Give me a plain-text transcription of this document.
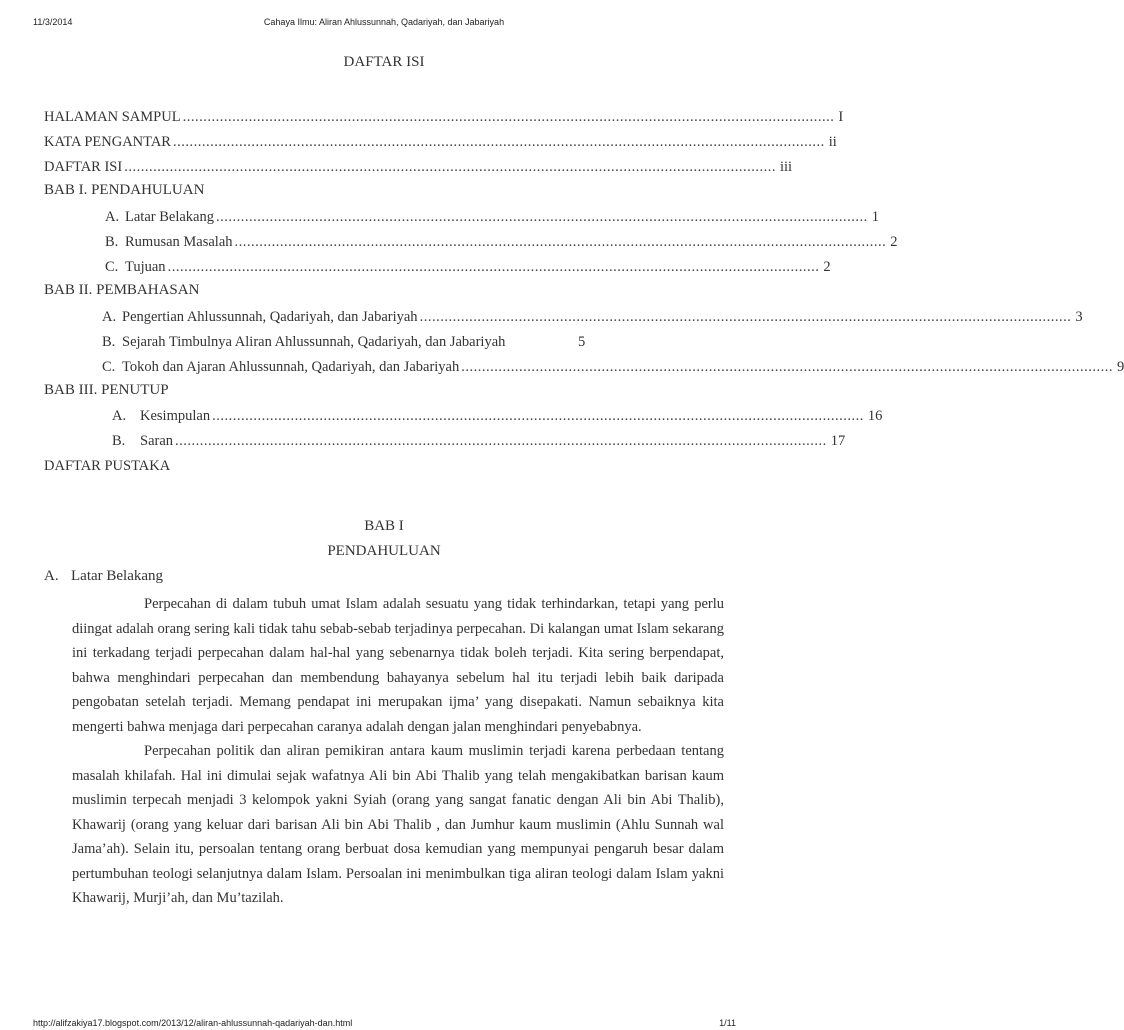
11/3/2014	Cahaya Ilmu: Aliran Ahlussunnah, Qadariyah, dan Jabariyah
DAFTAR ISI
HALAMAN SAMPUL .............................................................................................................................................................. I
KATA PENGANTAR .............................................................................................................................................................. ii
DAFTAR ISI .............................................................................................................................................................. iii
BAB I. PENDAHULUAN
A. Latar Belakang .............................................................................................................................................................. 1
B. Rumusan Masalah .............................................................................................................................................................. 2
C. Tujuan .............................................................................................................................................................. 2
BAB II. PEMBAHASAN
A. Pengertian Ahlussunnah, Qadariyah, dan Jabariyah .............................................................................................................................................................. 3
B. Sejarah Timbulnya Aliran Ahlussunnah, Qadariyah, dan Jabariyah	5
C. Tokoh dan Ajaran Ahlussunnah, Qadariyah, dan Jabariyah .............................................................................................................................................................. 9
BAB III. PENUTUP
A. Kesimpulan .............................................................................................................................................................. 16
B. Saran .............................................................................................................................................................. 17
DAFTAR PUSTAKA
BAB I
PENDAHULUAN
A. Latar Belakang

Perpecahan di dalam tubuh umat Islam adalah sesuatu yang tidak terhindarkan, tetapi yang perlu diingat adalah orang sering kali tidak tahu sebab-sebab terjadinya perpecahan. Di kalangan umat Islam sekarang ini terkadang terjadi perpecahan dalam hal-hal yang sebenarnya tidak boleh terjadi. Kita sering berpendapat, bahwa menghindari perpecahan dan membendung bahayanya sebelum hal itu terjadi lebih baik daripada pengobatan setelah terjadi. Memang pendapat ini merupakan ijma’ yang disepakati. Namun sebaiknya kita mengerti bahwa menjaga dari perpecahan caranya adalah dengan jalan menghindari penyebabnya.

Perpecahan politik dan aliran pemikiran antara kaum muslimin terjadi karena perbedaan tentang masalah khilafah. Hal ini dimulai sejak wafatnya Ali bin Abi Thalib yang telah mengakibatkan barisan kaum muslimin terpecah menjadi 3 kelompok yakni Syiah (orang yang sangat fanatic dengan Ali bin Abi Thalib), Khawarij (orang yang keluar dari barisan Ali bin Abi Thalib , dan Jumhur kaum muslimin (Ahlu Sunnah wal Jama’ah). Selain itu, persoalan tentang orang berbuat dosa kemudian yang mempunyai pengaruh besar dalam pertumbuhan teologi selanjutnya dalam Islam. Persoalan ini menimbulkan tiga aliran teologi dalam Islam yakni Khawarij, Murji’ah, dan Mu’tazilah.

http://alifzakiya17.blogspot.com/2013/12/aliran-ahlussunnah-qadariyah-dan.html	1/11
